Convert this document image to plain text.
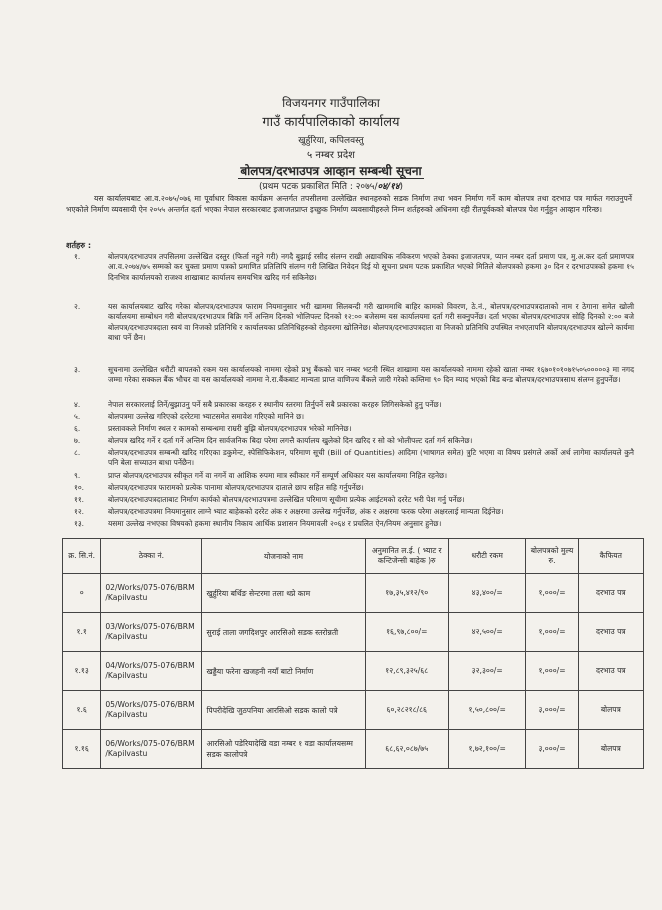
विजयनगर गाउँपालिका
गाउँ कार्यपालिकाको कार्यालय
खुर्हुरिया, कपिलवस्तु
५ नम्बर प्रदेश
बोलपत्र/दरभाउपत्र आव्हान सम्बन्धी सूचना
(प्रथम पटक प्रकाशित मिति : २०७५/०४/१४)
यस कार्यालयबाट आ.व.२०७५/०७६ मा पूर्वाधार विकास कार्यक्रम अन्तर्गत तपसीलमा उल्लेखित स्थानहरुको सडक निर्माण तथा भवन निर्माण गर्ने काम बोलपत्र तथा दरभाउ पत्र मार्फत गराउनुपर्ने भएकोले निर्माण व्यवसायी ऐन २०५५ अन्तर्गत दर्ता भएका नेपाल सरकारबाट इजाजतप्राप्त इच्छुक निर्माण व्यवसायीहरुले निम्न शर्तहरुको अधिनमा रही रीतपूर्वकको बोलपत्र पेश गर्नुहुन आव्हान गरिन्छ।
शर्तहरु :
१.	बोलपत्र/दरभाउपत्र तपसिलमा उल्लेखित दस्तुर (फिर्ता नहुने गरी) नगदै बुझाई रसीद संलग्न राखी अद्यावधिक नविकरण भएको ठेक्का इजाजतपत्र, प्यान नम्बर दर्ता प्रमाण पत्र, मु.अ.कर दर्ता प्रमाणपत्र आ.व.२०७४/७५ सम्मको कर चुक्ता प्रमाण पत्रको प्रमाणित प्रतिलिपि संलग्न गरी लिखित निवेदन दिई यो सूचना प्रथम पटक प्रकाशित भएको मितिले बोलपत्रको हकमा ३० दिन र दरभाउपत्रको हकमा १५ दिनभित्र कार्यालयको राजश्व शाखाबाट कार्यालय समयभित्र खरिद गर्न सकिनेछ।
२.	यस कार्यालयबाट खरिद गरेका बोलपत्र/दरभाउपत्र फाराम नियमानुसार भरी खाममा सिलबन्दी गरी खाममाथि बाहिर कामको विवरण, ठे.नं., बोलपत्र/दरभाउपत्रदाताको नाम र ठेगाना समेत खोली कार्यालयमा सम्बोधन गरी बोलपत्र/दरभाउपत्र बिक्रि गर्ने अन्तिम दिनको भोलिपल्ट दिनको १२:०० बजेसम्म यस कार्यालयमा दर्ता गरी सक्नुपर्नेछ। दर्ता भएका बोलपत्र/दरभाउपत्र सोहि दिनको २:०० बजे बोलपत्र/दरभाउपत्रदाता स्वयं वा निजको प्रतिनिधि र कार्यालयका प्रतिनिधिहरुको रोहवरमा खोलिनेछ। बोलपत्र/दरभाउपत्रदाता वा निजको प्रतिनिधि उपस्थित नभएतापनि बोलपत्र/दरभाउपत्र खोल्ने कार्यमा बाधा पर्ने छैन।
३.	सूचनामा उल्लेखित धरौटी बापतको रकम यस कार्यालयको नाममा रहेको प्रभु बैंकको चार नम्बर भटनी स्थित शाखामा यस कार्यालयको नाममा रहेको खाता नम्बर १६७०१०१०७१५०५०००००३ मा नगद जम्मा गरेका सक्कल बैंक भौचर वा यस कार्यालयको नाममा ने.रा.बैंकबाट मान्यता प्राप्त वाणिज्य बैंकले जारी गरेको कम्तिमा ९० दिन म्याद भएको बिड बन्ड बोलपत्र/दरभाउपत्रसाथ संलग्न हुनुपर्नेछ।
४.	नेपाल सरकारलाई तिर्ने/बुझाउनु पर्ने सबै प्रकारका करहरु र स्थानीय स्तरमा तिर्नुपर्ने सबै प्रकारका करहरु लिगिसकेको हुनु पर्नेछ।
५.	बोलपत्रमा उल्लेख गरिएको दररेटमा भ्याटसमेत समावेश गरिएको मानिने छ।
६.	प्रस्तावकले निर्माण स्थल र कामको सम्बन्धमा राम्ररी बुझि बोलपत्र/दरभाउपत्र भरेको मानिनेछ।
७.	बोलपत्र खरिद गर्ने र दर्ता गर्ने अन्तिम दिन सार्वजनिक बिदा परेमा लगत्तै कार्यालय खुलेको दिन खरिद र सो को भोलीपल्ट दर्ता गर्न सकिनेछ।
८.	बोलपत्र/दरभाउपत्र सम्बन्धी खरिद गरिएका डकुमेन्ट, स्पेसिफिकेशन, परिमाण सूची (Bill of Quantities) आदिमा (भाषागत समेत) त्रुटि भएमा वा विषय प्रसंगले अर्को अर्थ लागेमा कार्यालयले कुनै पनि बेला सच्याउन बाधा पर्नेछैन।
९.	प्राप्त बोलपत्र/दरभाउपत्र स्वीकृत गर्ने वा नगर्ने वा आंशिक रुपमा मात्र स्वीकार गर्ने सम्पूर्ण अधिकार यस कार्यालयमा निहित रहनेछ।
१०.	बोलपत्र/दरभाउपत्र फारामको प्रत्येक पानामा बोलपत्र/दरभाउपत्र दाताले छाप सहित सहि गर्नुपर्नेछ।
११.	बोलपत्र/दरभाउपत्रदाताबाट निर्माण कार्यको बोलपत्र/दरभाउपत्रमा उल्लेखित परिमाण सूचीमा प्रत्येक आईटमको दररेट भरी पेश गर्नु पर्नेछ।
१२.	बोलपत्र/दरभाउपत्रमा नियमानुसार लाग्ने भ्याट बाहेकको दररेट अंक र अक्षरमा उल्लेख गर्नुपर्नेछ, अंक र अक्षरमा फरक परेमा अक्षरलाई मान्यता दिईनेछ।
१३.	यसमा उल्लेख नभएका विषयको हकमा स्थानीय निकाय आर्थिक प्रशासन नियमावली २०६४ र प्रचलित ऐन/नियम अनुसार हुनेछ।
क्र. सि.नं.	ठेक्का नं.	योजनाको नाम	अनुमानित ल.ई. ( भ्याट र कन्टिजेन्सी बाहेक )रु	धरौटी रकम	बोलपत्रको मुल्य रु.	कैफियत
०	02/Works/075-076/BRM /Kapilvastu	खुर्हुरिया बर्थिङ सेन्टरमा तला थप्ने काम	१७,३५,४१२/९०	४३,४००/=	१,०००/=	दरभाउ पत्र
१.१	03/Works/075-076/BRM /Kapilvastu	सुराई ताला जगदिशपुर आरसिओ सडक स्तरोन्नती	१६,९७,८००/=	४२,५००/=	१,०००/=	दरभाउ पत्र
१.१३	04/Works/075-076/BRM /Kapilvastu	खड्डैया फरेना खजहनी नयाँ बाटो निर्माण	१२,८९,३२५/६८	३२,३००/=	१,०००/=	दरभाउ पत्र
१.६	05/Works/075-076/BRM /Kapilvastu	पिपरीदेखि जुठपनिया आरसिओ सडक कालो पत्रे	६०,२८२१८/८६	१,५०,८००/=	३,०००/=	बोलपत्र
१.१६	06/Works/075-076/BRM /Kapilvastu	आरसिओ पडेरियादेखि वडा नम्बर १ वडा कार्यालयसम्म सडक कालोपत्रे	६८,६२,०८७/७५	१,७२,१००/=	३,०००/=	बोलपत्र
